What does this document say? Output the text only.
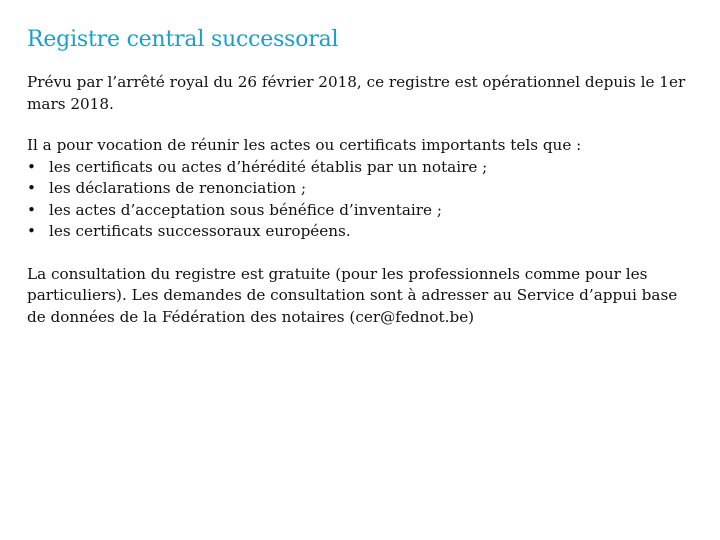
Registre central successoral

Prévu par l’arrêté royal du 26 février 2018, ce registre est opérationnel depuis le 1er mars 2018.

Il a pour vocation de réunir les actes ou certificats importants tels que :

• les certificats ou actes d’hérédité établis par un notaire ;
• les déclarations de renonciation ;
• les actes d’acceptation sous bénéfice d’inventaire ;
• les certificats successoraux européens.

La consultation du registre est gratuite (pour les professionnels comme pour les particuliers). Les demandes de consultation sont à adresser au Service d’appui base de données de la Fédération des notaires (cer@fednot.be)
